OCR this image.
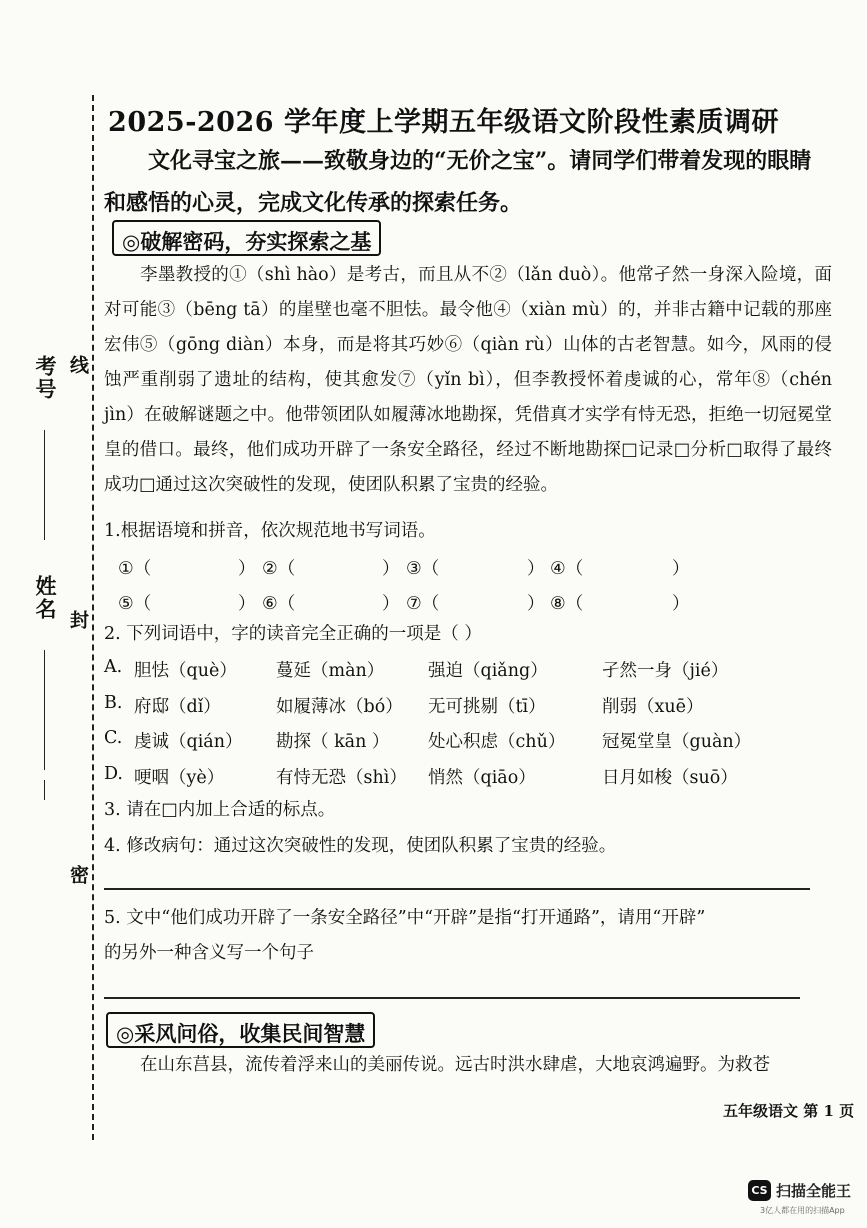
考号 线
姓名 封
密
2025-2026 学年度上学期五年级语文阶段性素质调研

文化寻宝之旅——致敬身边的“无价之宝”。请同学们带着发现的眼睛

和感悟的心灵，完成文化传承的探索任务。

◎破解密码，夯实探索之基

李墨教授的①（shì hào）是考古，而且从不②（lǎn duò）。他常孑然一身深入险境，面对可能③（bēng tā）的崖壁也毫不胆怯。最令他④（xiàn mù）的，并非古籍中记载的那座宏伟⑤（gōng diàn）本身，而是将其巧妙⑥（qiàn rù）山体的古老智慧。如今，风雨的侵蚀严重削弱了遗址的结构，使其愈发⑦（yǐn bì），但李教授怀着虔诚的心，常年⑧（chén jìn）在破解谜题之中。他带领团队如履薄冰地勘探，凭借真才实学有恃无恐，拒绝一切冠冕堂皇的借口。最终，他们成功开辟了一条安全路径，经过不断地勘探□记录□分析□取得了最终成功□通过这次突破性的发现，使团队积累了宝贵的经验。

1.根据语境和拼音，依次规范地书写词语。
①（	） ②（	） ③（	） ④（	）
⑤（	） ⑥（	） ⑦（	） ⑧（	）
2. 下列词语中，字的读音完全正确的一项是（ ）
A. 胆怯（què） 蔓延（màn） 强迫（qiǎng）	孑然一身（jié）
B. 府邸（dǐ）	如履薄冰（bó） 无可挑剔（tī）	削弱（xuē）
C. 虔诚（qián） 勘探（ kān ） 处心积虑（chǔ） 冠冕堂皇（guàn）
D. 哽咽（yè）	有恃无恐（shì） 悄然（qiāo）	日月如梭（suō）
3. 请在□内加上合适的标点。
4. 修改病句：通过这次突破性的发现，使团队积累了宝贵的经验。
5. 文中“他们成功开辟了一条安全路径”中“开辟”是指“打开通路”，请用“开辟”
的另外一种含义写一个句子
◎采风问俗，收集民间智慧

在山东莒县，流传着浮来山的美丽传说。远古时洪水肆虐，大地哀鸿遍野。为救苍

五年级语文 第 1 页
CS 扫描全能王
3亿人都在用的扫描App
